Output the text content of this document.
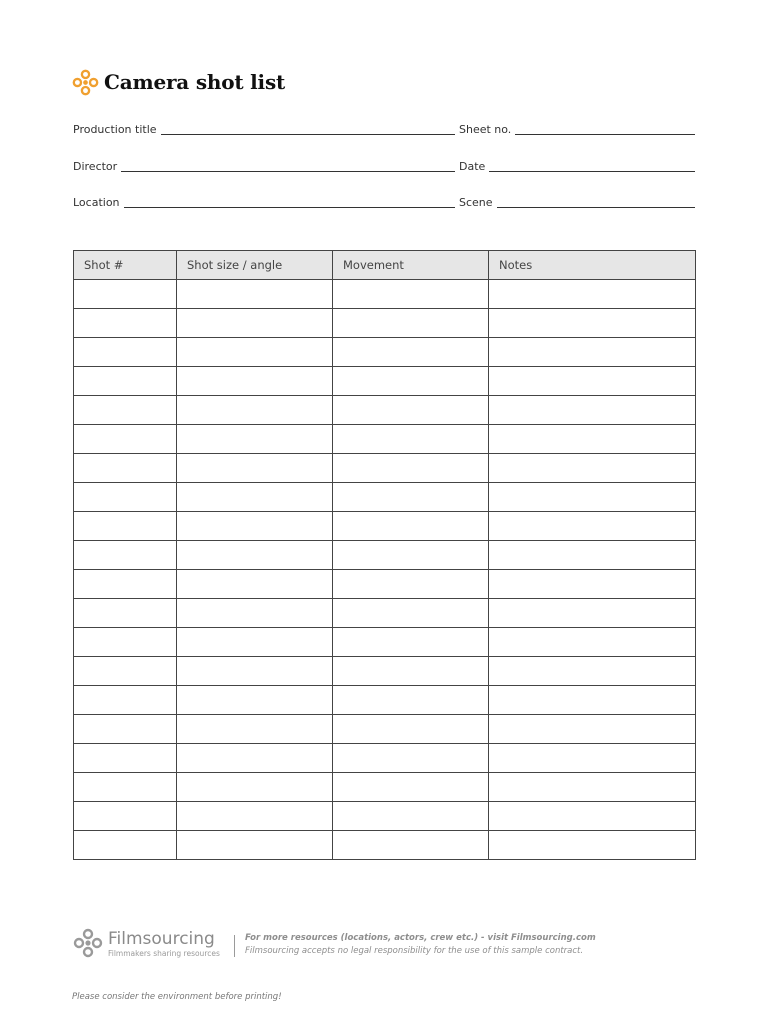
Camera shot list
Production title	Sheet no.
Director	Date
Location	Scene
Shot #	Shot size / angle	Movement	Notes

Filmsourcing
Filmmakers sharing resources
For more resources (locations, actors, crew etc.) - visit Filmsourcing.com
Filmsourcing accepts no legal responsibility for the use of this sample contract.
Please consider the environment before printing!
